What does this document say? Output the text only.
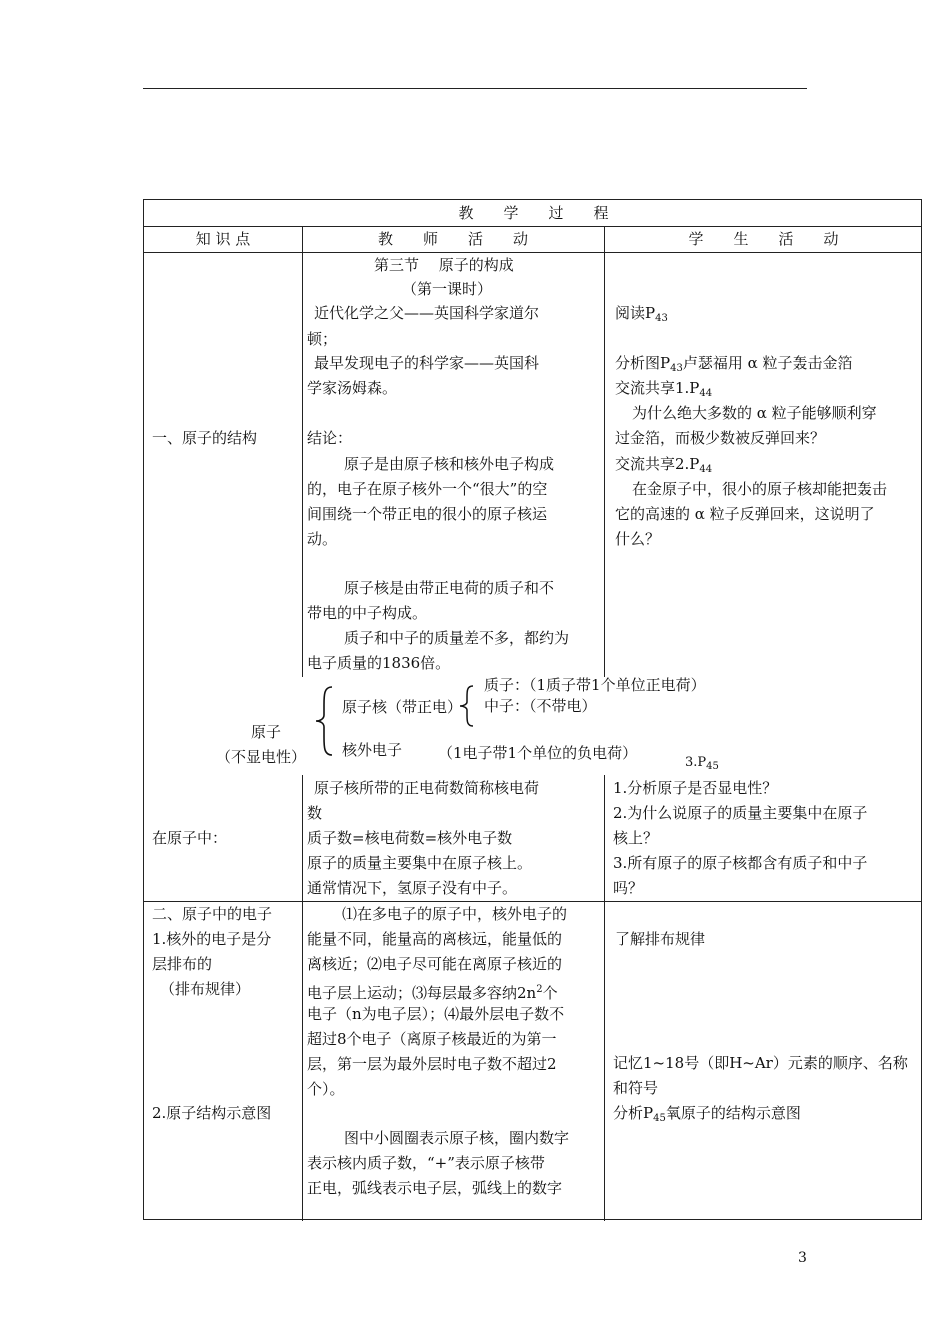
教　　学　　过　　程
知 识 点	教　　师　　活　　动	学　　生　　活　　动
一、原子的结构
第三节　 原子的构成
（第一课时）
近代化学之父——英国科学家道尔
顿；
最早发现电子的科学家——英国科
学家汤姆森。
结论：
原子是由原子核和核外电子构成
的，电子在原子核外一个“很大”的空
间围绕一个带正电的很小的原子核运
动。
原子核是由带正电荷的质子和不
带电的中子构成。
质子和中子的质量差不多，都约为
电子质量的1836倍。
阅读$P_{43}$
分析图$P_{43}$卢瑟福用 α 粒子轰击金箔
交流共享$1.P_{44}$
为什么绝大多数的 α 粒子能够顺利穿
过金箔，而极少数被反弹回来？
交流共享$2.P_{44}$
在金原子中，很小的原子核却能把轰击
它的高速的 α 粒子反弹回来，这说明了
什么？
原子
（不显电性）
原子核（带正电）
质子：（1质子带1个单位正电荷）
中子：（不带电）
核外电子 （1电子带1个单位的负电荷）
$3.P_{45}$
在原子中：
原子核所带的正电荷数简称核电荷
数
质子数=核电荷数=核外电子数
原子的质量主要集中在原子核上。
通常情况下，氢原子没有中子。
1.分析原子是否显电性？
2.为什么说原子的质量主要集中在原子
核上？
3.所有原子的原子核都含有质子和中子
吗？
二、原子中的电子
1.核外的电子是分
层排布的
（排布规律）
2.原子结构示意图
⑴在多电子的原子中，核外电子的
能量不同，能量高的离核远，能量低的
离核近；⑵电子尽可能在离原子核近的
电子层上运动；⑶每层最多容纳$2n^2$个
电子（n为电子层）；⑷最外层电子数不
超过8个电子（离原子核最近的为第一
层，第一层为最外层时电子数不超过2
个）。
图中小圆圈表示原子核，圈内数字
表示核内质子数，“+”表示原子核带
正电，弧线表示电子层，弧线上的数字
了解排布规律
记忆1~18号（即H~Ar）元素的顺序、名称
和符号
分析$P_{45}$氧原子的结构示意图
3
